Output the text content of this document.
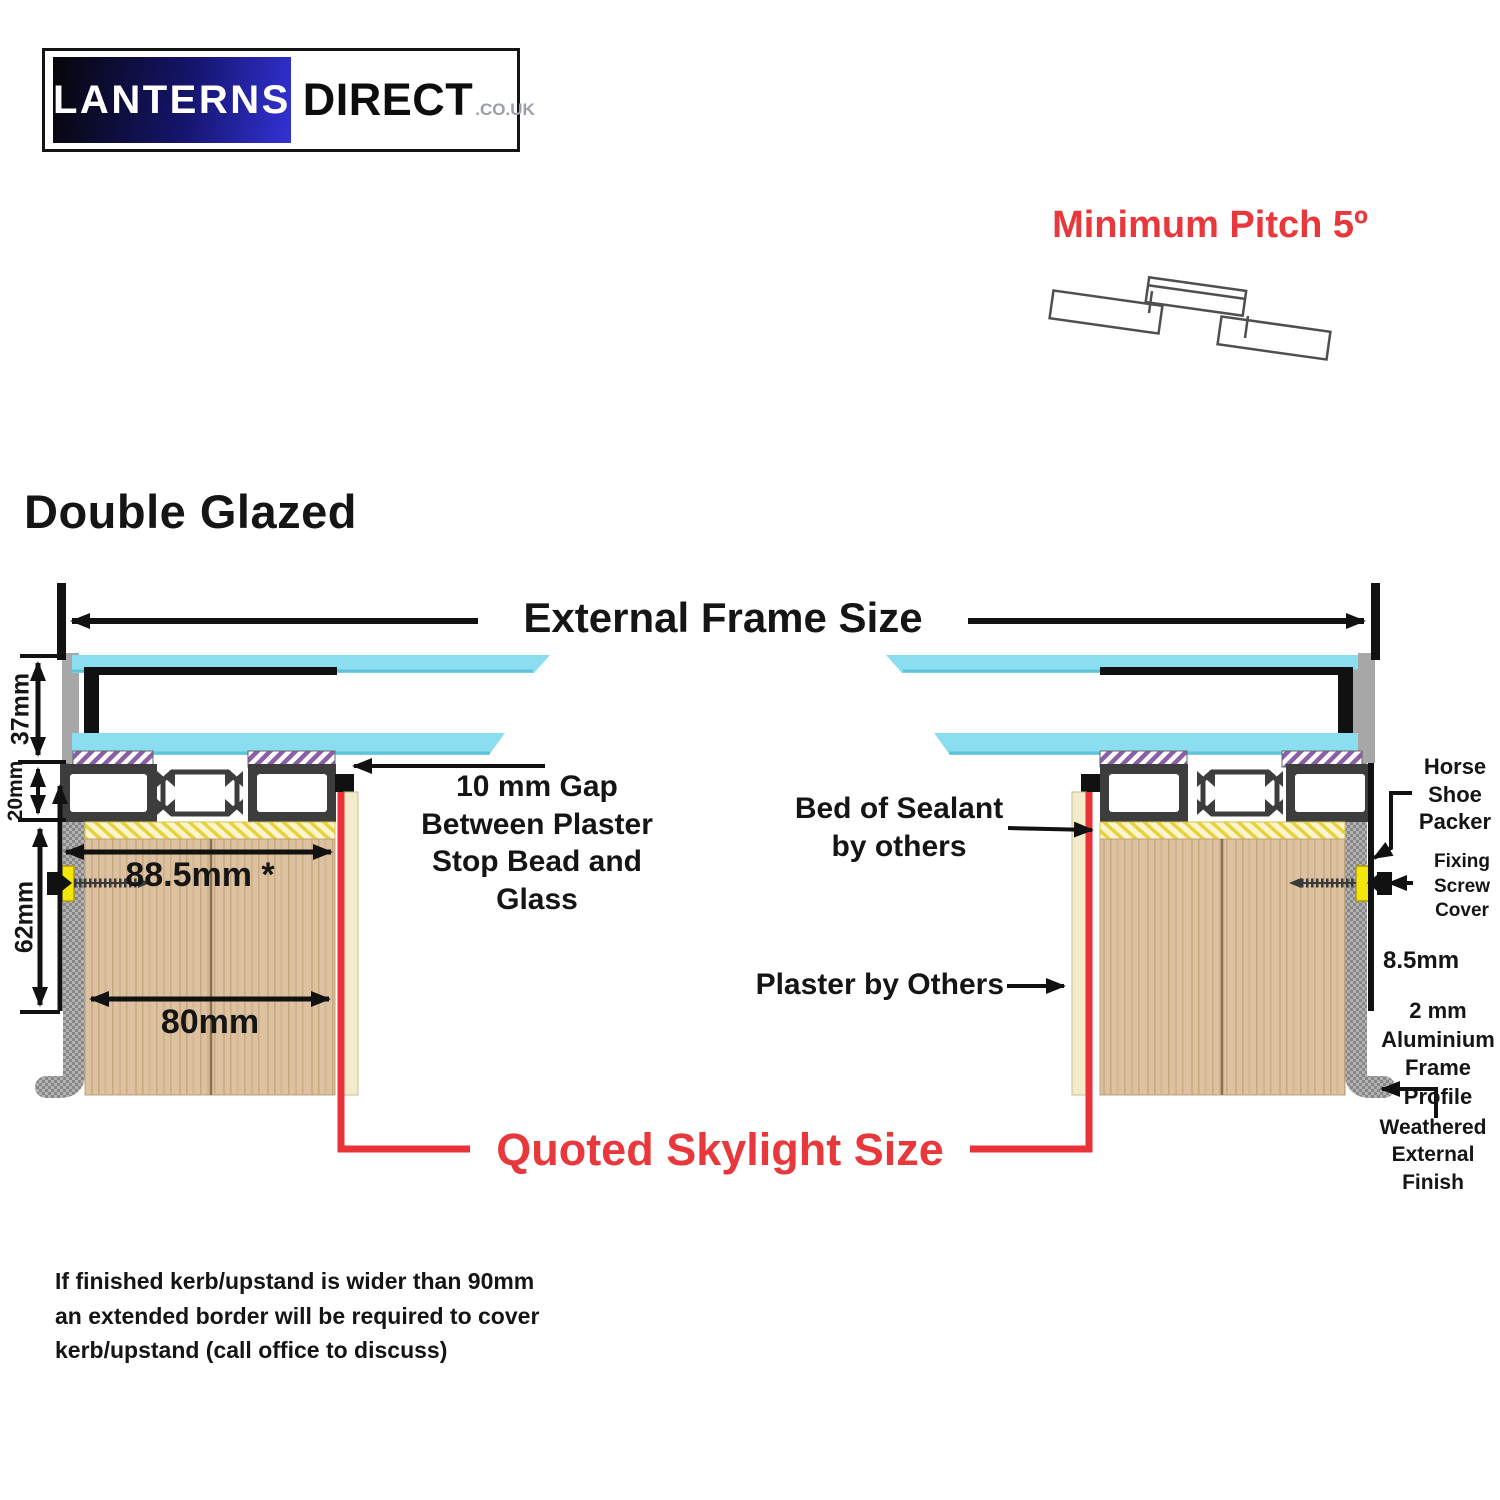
LANTERNS DIRECT .CO.UK
Minimum Pitch 5º
Double Glazed
External Frame Size
Quoted Skylight Size
37mm
20mm
62mm
88.5mm *
80mm
8.5mm
10 mm Gap
Between Plaster
Stop Bead and
Glass
Bed of Sealant
by others
Plaster by Others
Horse
Shoe
Packer
Fixing
Screw
Cover
2 mm
Aluminium
Frame Profile
Weathered
External
Finish
If finished kerb/upstand is wider than 90mm
an extended border will be required to cover
kerb/upstand (call office to discuss)
